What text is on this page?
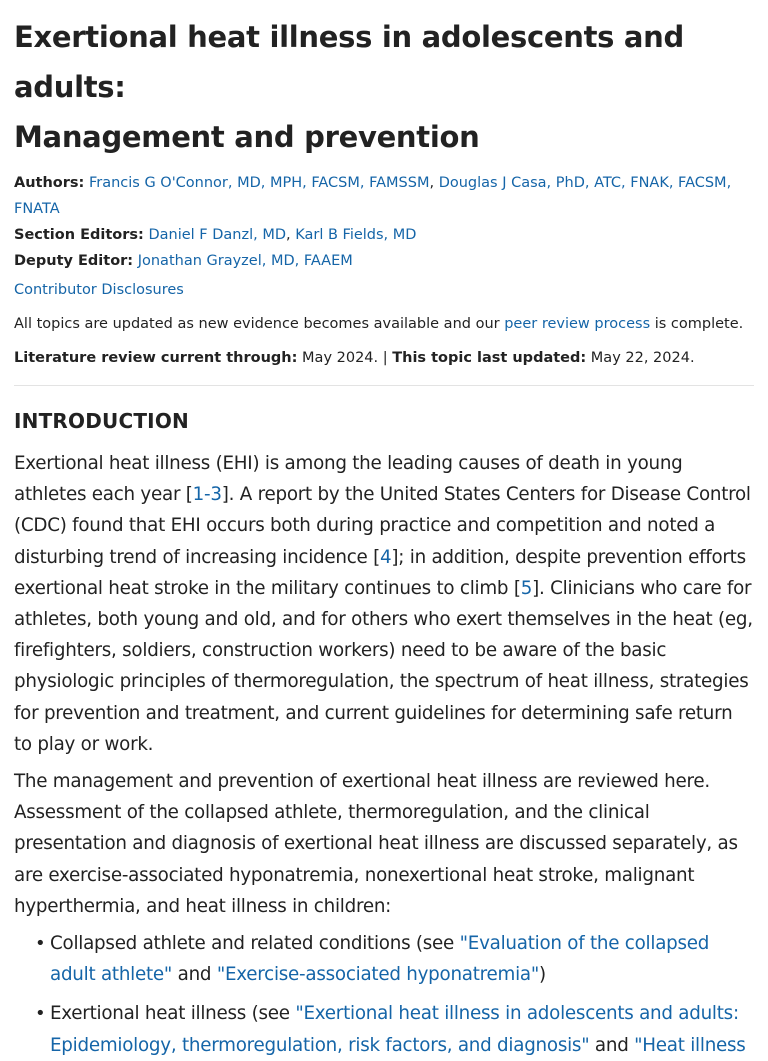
Exertional heat illness in adolescents and adults:
Management and prevention
Authors: Francis G O'Connor, MD, MPH, FACSM, FAMSSM, Douglas J Casa, PhD, ATC, FNAK, FACSM,
FNATA
Section Editors: Daniel F Danzl, MD, Karl B Fields, MD
Deputy Editor: Jonathan Grayzel, MD, FAAEM
Contributor Disclosures
All topics are updated as new evidence becomes available and our peer review process is complete.
Literature review current through: May 2024. | This topic last updated: May 22, 2024.
INTRODUCTION

Exertional heat illness (EHI) is among the leading causes of death in young athletes each year [1-3]. A report by the United States Centers for Disease Control (CDC) found that EHI occurs both during practice and competition and noted a disturbing trend of increasing incidence [4]; in addition, despite prevention efforts exertional heat stroke in the military continues to climb [5]. Clinicians who care for athletes, both young and old, and for others who exert themselves in the heat (eg, firefighters, soldiers, construction workers) need to be aware of the basic physiologic principles of thermoregulation, the spectrum of heat illness, strategies for prevention and treatment, and current guidelines for determining safe return to play or work.

The management and prevention of exertional heat illness are reviewed here. Assessment of the collapsed athlete, thermoregulation, and the clinical presentation and diagnosis of exertional heat illness are discussed separately, as are exercise-associated hyponatremia, nonexertional heat stroke, malignant hyperthermia, and heat illness in children:

• Collapsed athlete and related conditions (see "Evaluation of the collapsed adult athlete" and "Exercise-associated hyponatremia")
• Exertional heat illness (see "Exertional heat illness in adolescents and adults: Epidemiology, thermoregulation, risk factors, and diagnosis" and "Heat illness
